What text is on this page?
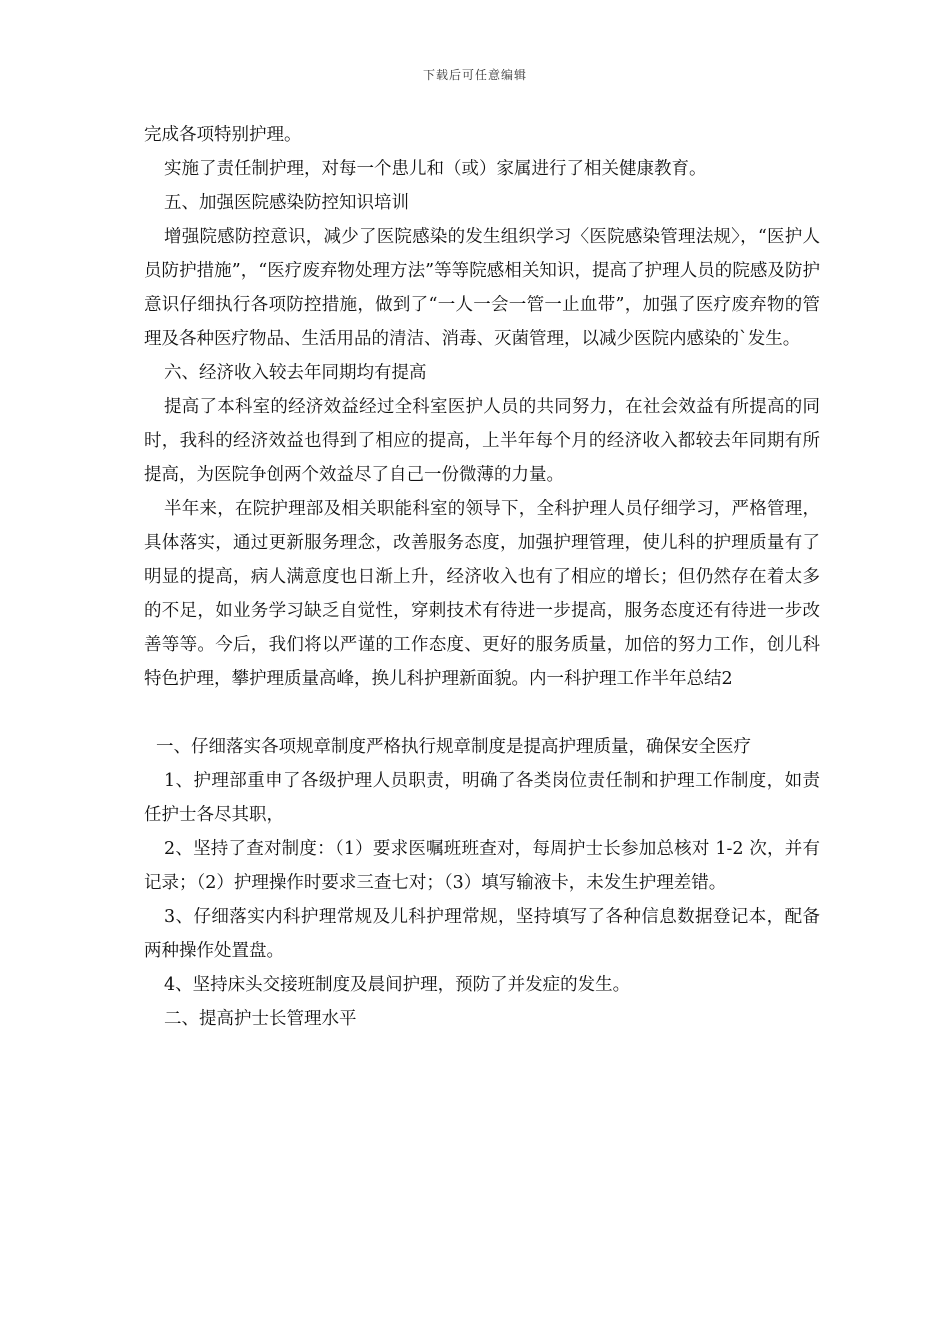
下载后可任意编辑

完成各项特别护理。

实施了责任制护理，对每一个患儿和（或）家属进行了相关健康教育。

五、加强医院感染防控知识培训

增强院感防控意识，减少了医院感染的发生组织学习〈医院感染管理法规〉，“医护人员防护措施”，“医疗废弃物处理方法”等等院感相关知识，提高了护理人员的院感及防护意识仔细执行各项防控措施，做到了“一人一会一管一止血带”，加强了医疗废弃物的管理及各种医疗物品、生活用品的清洁、消毒、灭菌管理，以减少医院内感染的`发生。

六、经济收入较去年同期均有提高

提高了本科室的经济效益经过全科室医护人员的共同努力，在社会效益有所提高的同时，我科的经济效益也得到了相应的提高，上半年每个月的经济收入都较去年同期有所提高，为医院争创两个效益尽了自己一份微薄的力量。

半年来，在院护理部及相关职能科室的领导下，全科护理人员仔细学习，严格管理，具体落实，通过更新服务理念，改善服务态度，加强护理管理，使儿科的护理质量有了明显的提高，病人满意度也日渐上升，经济收入也有了相应的增长；但仍然存在着太多的不足，如业务学习缺乏自觉性，穿刺技术有待进一步提高，服务态度还有待进一步改善等等。今后，我们将以严谨的工作态度、更好的服务质量，加倍的努力工作，创儿科特色护理，攀护理质量高峰，换儿科护理新面貌。内一科护理工作半年总结2

一、仔细落实各项规章制度严格执行规章制度是提高护理质量，确保安全医疗

1、护理部重申了各级护理人员职责，明确了各类岗位责任制和护理工作制度，如责任护士各尽其职，

2、坚持了查对制度：（1）要求医嘱班班查对，每周护士长参加总核对 1-2 次，并有记录；（2）护理操作时要求三查七对；（3）填写输液卡，未发生护理差错。

3、仔细落实内科护理常规及儿科护理常规，坚持填写了各种信息数据登记本，配备两种操作处置盘。

4、坚持床头交接班制度及晨间护理，预防了并发症的发生。

二、提高护士长管理水平
